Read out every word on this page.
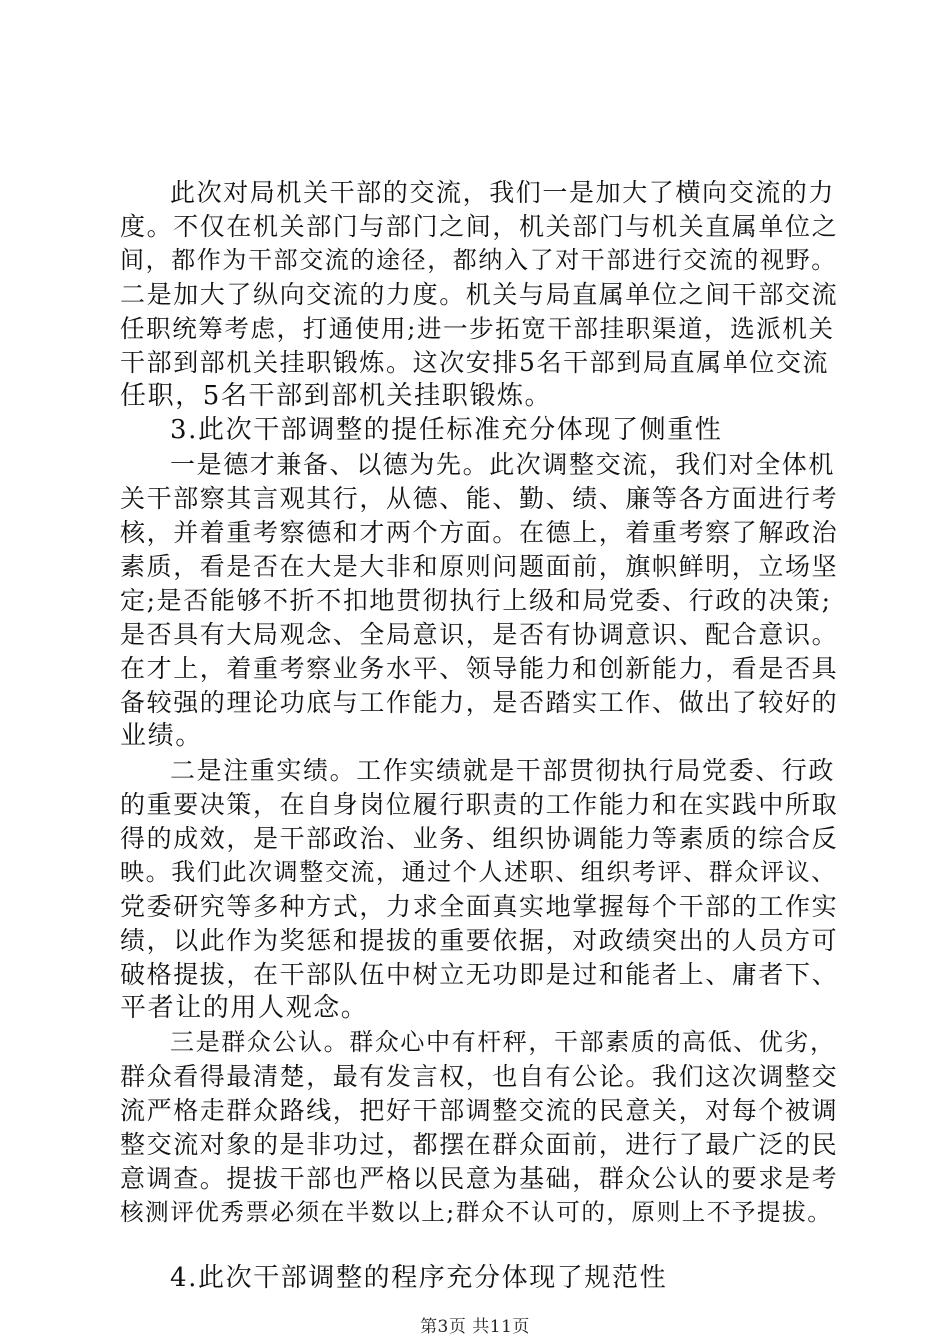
此次对局机关干部的交流，我们一是加大了横向交流的力
度。不仅在机关部门与部门之间，机关部门与机关直属单位之
间，都作为干部交流的途径，都纳入了对干部进行交流的视野。
二是加大了纵向交流的力度。机关与局直属单位之间干部交流
任职统筹考虑，打通使用;进一步拓宽干部挂职渠道，选派机关
干部到部机关挂职锻炼。这次安排5名干部到局直属单位交流
任职，5名干部到部机关挂职锻炼。
3.此次干部调整的提任标准充分体现了侧重性
一是德才兼备、以德为先。此次调整交流，我们对全体机
关干部察其言观其行，从德、能、勤、绩、廉等各方面进行考
核，并着重考察德和才两个方面。在德上，着重考察了解政治
素质，看是否在大是大非和原则问题面前，旗帜鲜明，立场坚
定;是否能够不折不扣地贯彻执行上级和局党委、行政的决策;
是否具有大局观念、全局意识，是否有协调意识、配合意识。
在才上，着重考察业务水平、领导能力和创新能力，看是否具
备较强的理论功底与工作能力，是否踏实工作、做出了较好的
业绩。
二是注重实绩。工作实绩就是干部贯彻执行局党委、行政
的重要决策，在自身岗位履行职责的工作能力和在实践中所取
得的成效，是干部政治、业务、组织协调能力等素质的综合反
映。我们此次调整交流，通过个人述职、组织考评、群众评议、
党委研究等多种方式，力求全面真实地掌握每个干部的工作实
绩，以此作为奖惩和提拔的重要依据，对政绩突出的人员方可
破格提拔，在干部队伍中树立无功即是过和能者上、庸者下、
平者让的用人观念。
三是群众公认。群众心中有杆秤，干部素质的高低、优劣，
群众看得最清楚，最有发言权，也自有公论。我们这次调整交
流严格走群众路线，把好干部调整交流的民意关，对每个被调
整交流对象的是非功过，都摆在群众面前，进行了最广泛的民
意调查。提拔干部也严格以民意为基础，群众公认的要求是考
核测评优秀票必须在半数以上;群众不认可的，原则上不予提拔。
4.此次干部调整的程序充分体现了规范性
第3页 共11页
